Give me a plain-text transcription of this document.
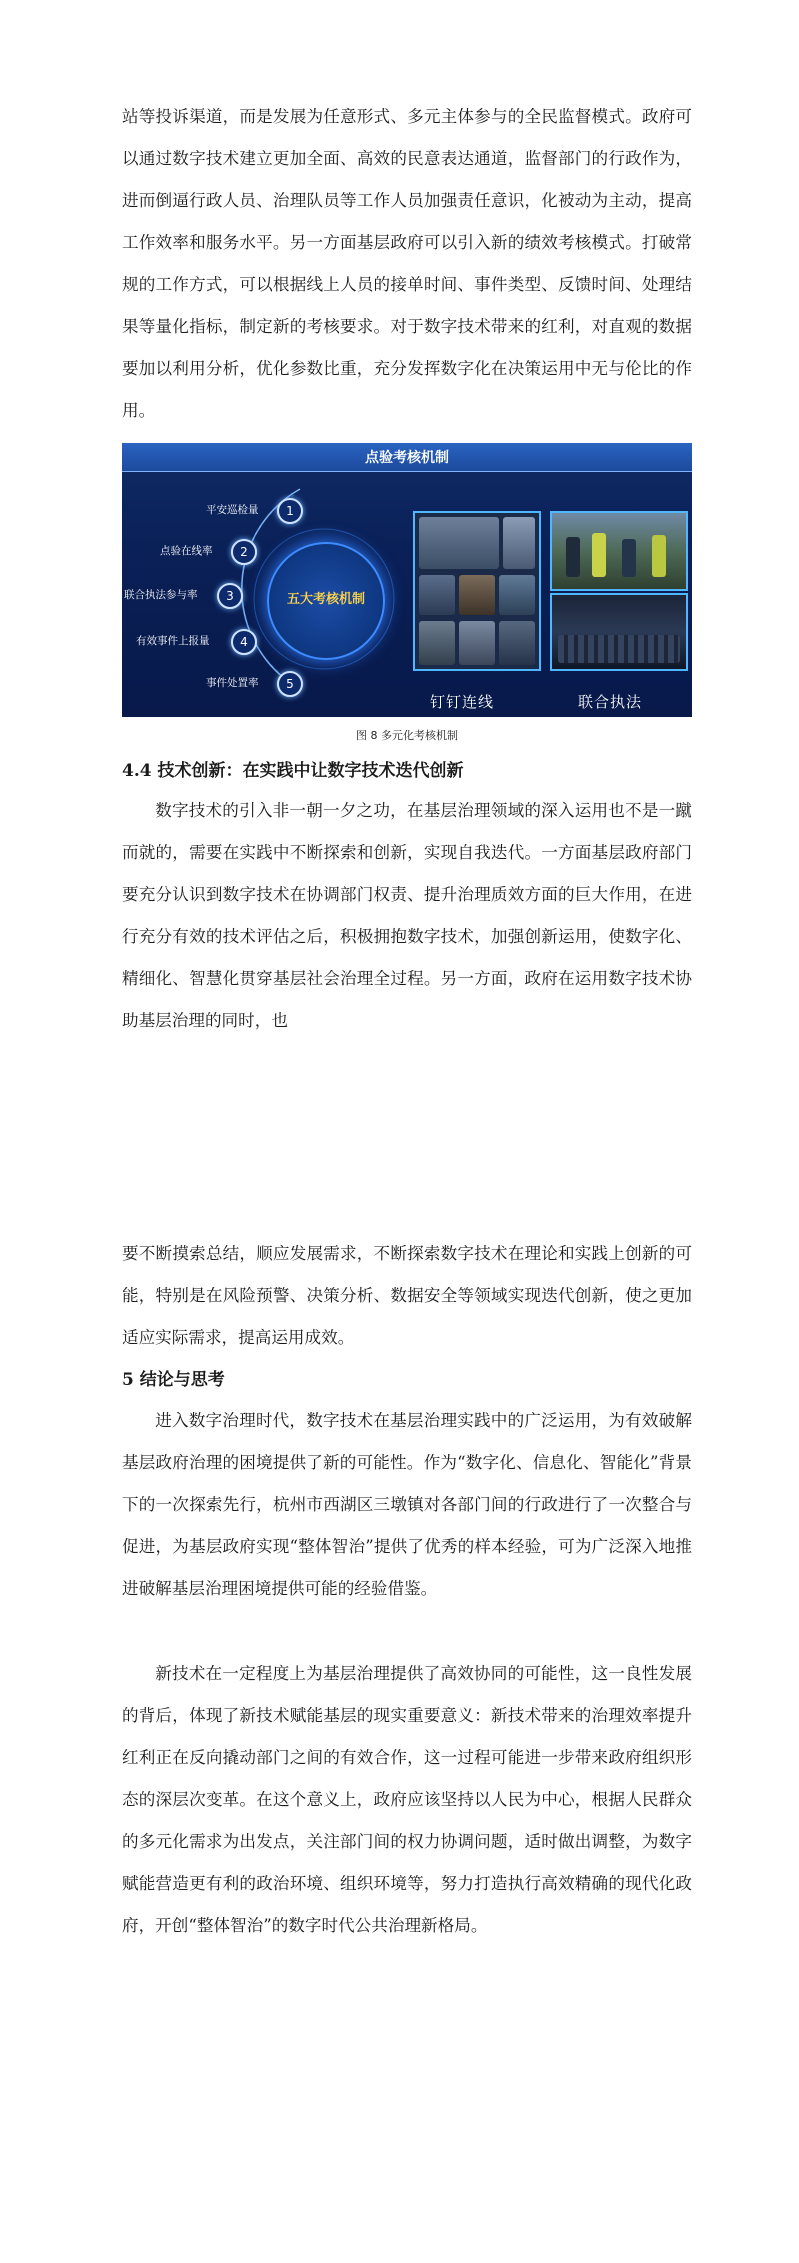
站等投诉渠道，而是发展为任意形式、多元主体参与的全民监督模式。政府可以通过数字技术建立更加全面、高效的民意表达通道，监督部门的行政作为，进而倒逼行政人员、治理队员等工作人员加强责任意识，化被动为主动，提高工作效率和服务水平。另一方面基层政府可以引入新的绩效考核模式。打破常规的工作方式，可以根据线上人员的接单时间、事件类型、反馈时间、处理结果等量化指标，制定新的考核要求。对于数字技术带来的红利，对直观的数据要加以利用分析，优化参数比重，充分发挥数字化在决策运用中无与伦比的作用。

点验考核机制
平安巡检量	1
点验在线率	2
联合执法参与率	3
有效事件上报量	4
事件处置率	5
五大考核机制
钉钉连线	联合执法
图 8 多元化考核机制
4.4 技术创新：在实践中让数字技术迭代创新

数字技术的引入非一朝一夕之功，在基层治理领域的深入运用也不是一蹴而就的，需要在实践中不断探索和创新，实现自我迭代。一方面基层政府部门要充分认识到数字技术在协调部门权责、提升治理质效方面的巨大作用，在进行充分有效的技术评估之后，积极拥抱数字技术，加强创新运用，使数字化、精细化、智慧化贯穿基层社会治理全过程。另一方面，政府在运用数字技术协助基层治理的同时，也

要不断摸索总结，顺应发展需求，不断探索数字技术在理论和实践上创新的可能，特别是在风险预警、决策分析、数据安全等领域实现迭代创新，使之更加适应实际需求，提高运用成效。

5 结论与思考

进入数字治理时代，数字技术在基层治理实践中的广泛运用，为有效破解基层政府治理的困境提供了新的可能性。作为“数字化、信息化、智能化”背景下的一次探索先行，杭州市西湖区三墩镇对各部门间的行政进行了一次整合与促进，为基层政府实现“整体智治”提供了优秀的样本经验，可为广泛深入地推进破解基层治理困境提供可能的经验借鉴。

新技术在一定程度上为基层治理提供了高效协同的可能性，这一良性发展的背后，体现了新技术赋能基层的现实重要意义：新技术带来的治理效率提升红利正在反向撬动部门之间的有效合作，这一过程可能进一步带来政府组织形态的深层次变革。在这个意义上，政府应该坚持以人民为中心，根据人民群众的多元化需求为出发点，关注部门间的权力协调问题，适时做出调整，为数字赋能营造更有利的政治环境、组织环境等，努力打造执行高效精确的现代化政府，开创“整体智治”的数字时代公共治理新格局。
